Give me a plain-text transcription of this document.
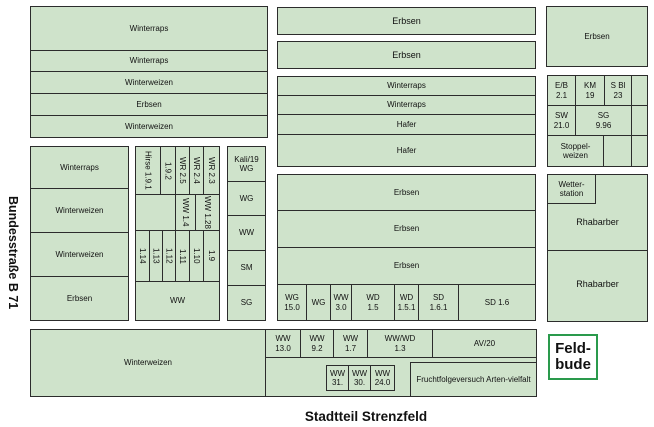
Bundesstraße B 71
Winterraps
Winterraps
Winterweizen
Erbsen
Winterweizen
Erbsen
Erbsen
Erbsen
Winterraps
Winterraps
Hafer
Hafer
E/B
2.1
KM
19
S Bl
23
SW
21.0
SG
9.96
Stoppel-weizen
Winterraps
Winterweizen
Winterweizen
Erbsen
Hirse 1.9.1 1.9.2 WR 2.5 WR 2.4 WR 2.3
WW 1.4 WW 1.28
1.14 1.13 1.12 1.11 1.10 1.9
WW
Kali/19 WG
WG
WW
SM
SG
Erbsen
Erbsen
Erbsen
WG 15.0
WG
WW 3.0
WD 1.5
WD 1.5.1
SD 1.6.1
SD 1.6
Wetter-station
Rhabarber
Rhabarber
Winterweizen
WW 13.0
WW 9.2
WW 1.7
WW/WD 1.3
AV/20
WW 31.
WW 30.
WW 24.0	Fruchtfolgeversuch Arten-vielfalt
Feld-bude
Stadtteil Strenzfeld
